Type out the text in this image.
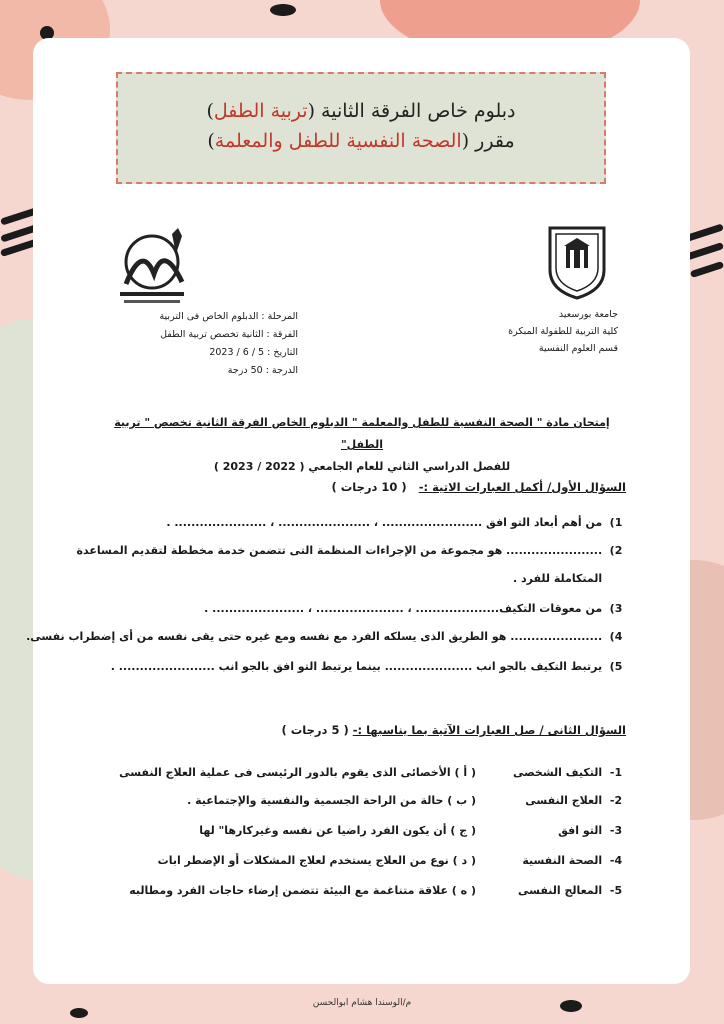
دبلوم خاص الفرقة الثانية (تربية الطفل)
مقرر (الصحة النفسية للطفل والمعلمة)
جامعة بورسعيد
كلية التربية للطفولة المبكرة
قسم العلوم النفسية
المرحلة : الدبلوم الخاص فى التربية
الفرقة : الثانية تخصص تربية الطفل
التاريخ : 5 / 6 / 2023
الدرجة : 50 درجة
إمتحان مادة " الصحة النفسية للطفل والمعلمة " الدبلوم الخاص الفرقة الثانية تخصص " تربية الطفل"
للفصل الدراسي الثاني للعام الجامعي ( 2022 / 2023 )
السؤال الأول/ أكمل العبارات الاتية :-   ( 10 درجات )
1) من أهم أبعاد التو افق ........................ ، ...................... ، ...................... .
2) ....................... هو مجموعة من الإجراءات المنظمة التى تتضمن خدمة مخططة لتقديم المساعدة
المتكاملة للفرد .
3) من معوقات التكيف.................... ، ..................... ، ...................... .
4) ...................... هو الطريق الذى يسلكه الفرد مع نفسه ومع غيره حتى يقى نفسه من أى إضطراب نفسى.
5) يرتبط التكيف بالجو انب ..................... بينما يرتبط التو افق بالجو انب ....................... .
السؤال الثانى / صل العبارات الآتية بما يناسبها :- ( 5 درجات )
1- التكيف الشخصى
( أ ) الأخصائى الذى يقوم بالدور الرئيسى فى عملية العلاج النفسى
2- العلاج النفسى
( ب ) حالة من الراحة الجسمية والنفسية والإجتماعية .
3- التو افق
( ج ) أن يكون الفرد راضيا عن نفسه وغيركارها" لها
4- الصحة النفسية
( د ) نوع من العلاج يستخدم لعلاج المشكلات أو الإضطر ابات
5- المعالج النفسى
( ه ) علاقة متناغمة مع البيئة تتضمن إرضاء حاجات الفرد ومطالبه
م/الوسندا هشام ابوالحسن
